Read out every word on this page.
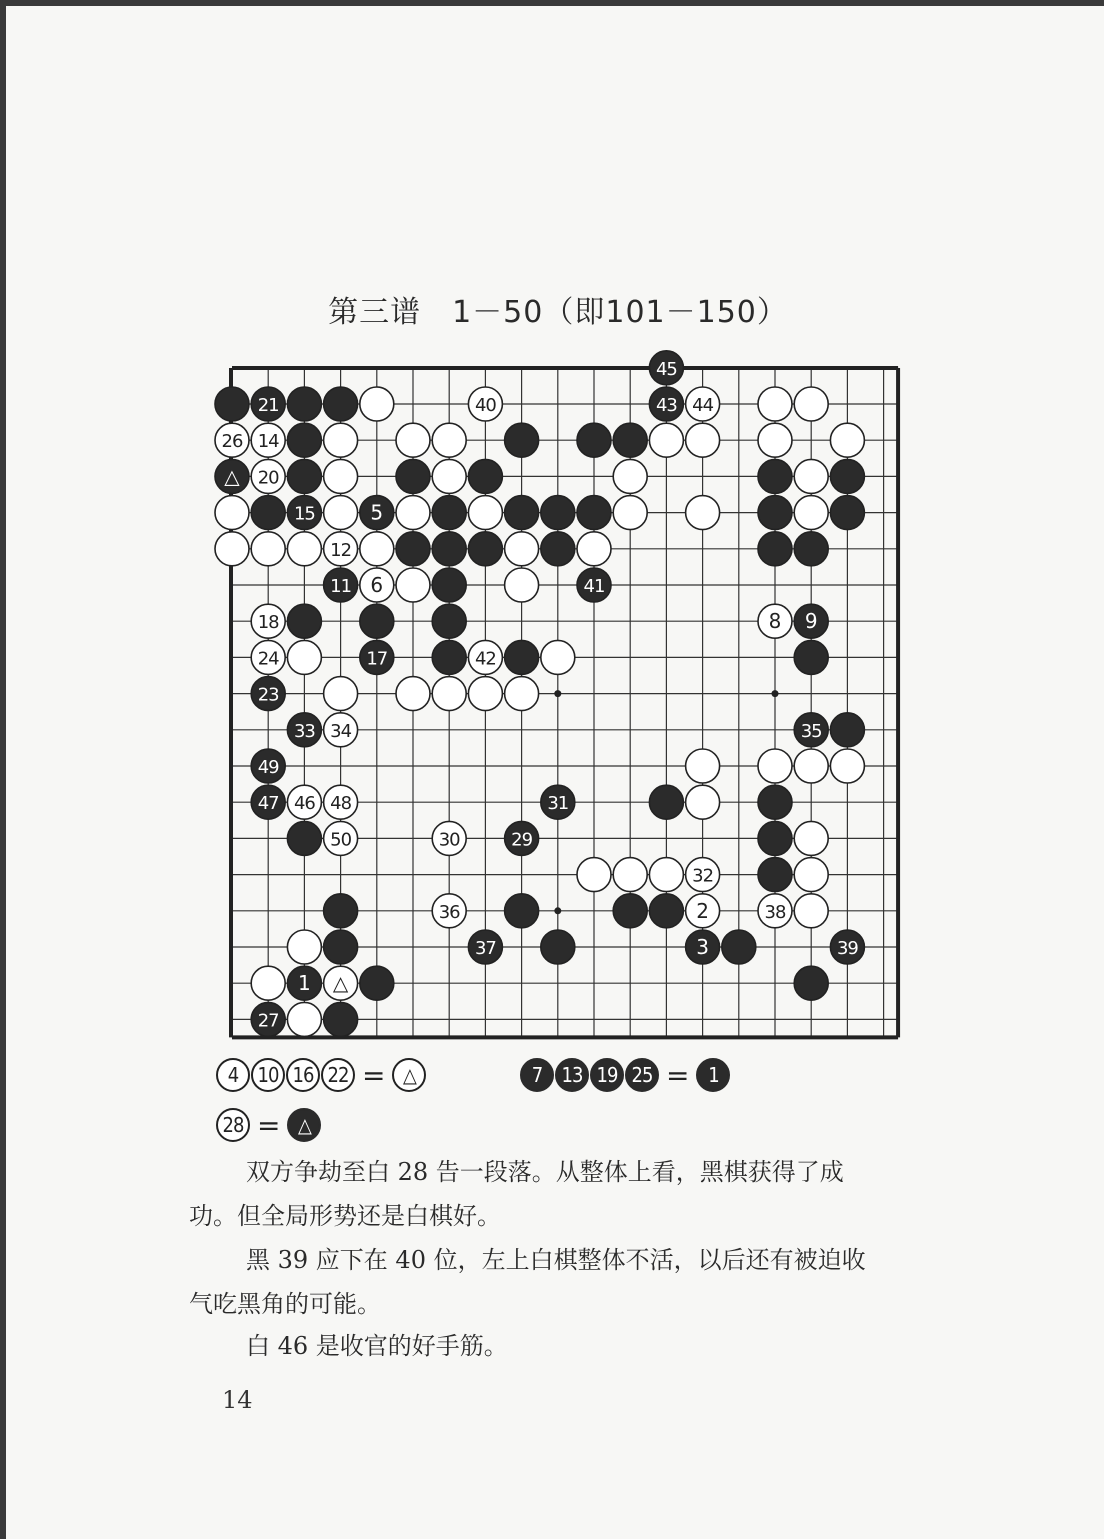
第三谱　1－50（即101－150）
21	40
45
43 44
26 14
△ 20
15	5
12
11 6	41
18	8 9
24	17	42
23
33 34	35
49
47 46 48	31
50	30	29
32
36	2	38
37	3	39
1 △
27
4 10 16 22 = △	7 13 19 25 = 1
28 = △
双方争劫至白 28 告一段落。从整体上看，黑棋获得了成
功。但全局形势还是白棋好。
黑 39 应下在 40 位，左上白棋整体不活，以后还有被迫收
气吃黑角的可能。
白 46 是收官的好手筋。
14
